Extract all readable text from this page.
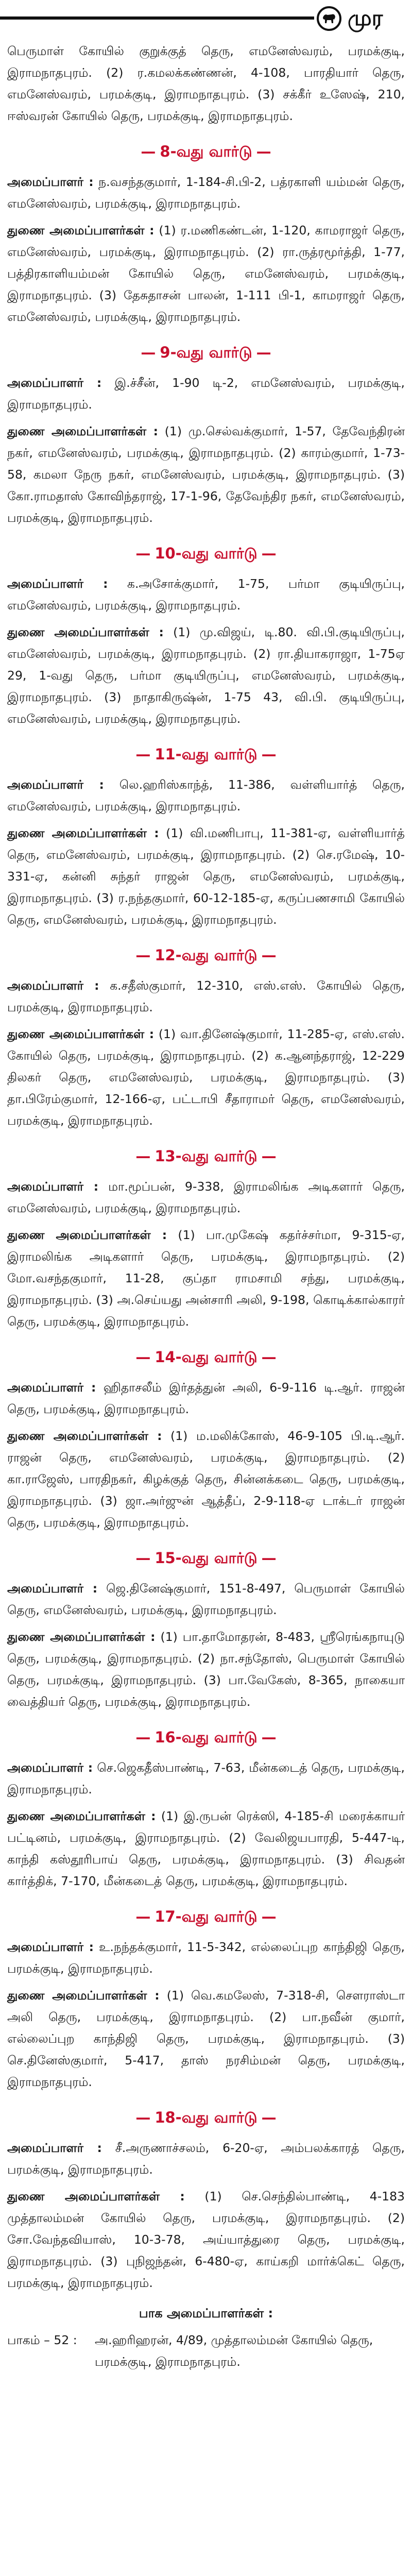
முர

பெருமாள் கோயில் குறுக்குத் தெரு, எமனேஸ்வரம், பரமக்குடி, இராமநாதபுரம். (2) ர.கமலக்கண்ணன், 4-108, பாரதியார் தெரு, எமனேஸ்வரம், பரமக்குடி, இராமநாதபுரம். (3) சக்கீர் உஸேஷ், 210, ஈஸ்வரன் கோயில் தெரு, பரமக்குடி, இராமநாதபுரம்.

— 8-வது வார்டு —

அமைப்பாளர் : ந.வசந்தகுமார், 1-184-சி.பி-2, பத்ரகாளி யம்மன் தெரு, எமனேஸ்வரம், பரமக்குடி, இராமநாதபுரம்.

துணை அமைப்பாளர்கள் : (1) ர.மணிகண்டன், 1-120, காமராஜர் தெரு, எமனேஸ்வரம், பரமக்குடி, இராமநாதபுரம். (2) ரா.ருத்ரமூர்த்தி, 1-77, பத்திரகாளியம்மன் கோயில் தெரு, எமனேஸ்வரம், பரமக்குடி, இராமநாதபுரம். (3) தேசுதாசன் பாலன், 1-111 பி-1, காமராஜர் தெரு, எமனேஸ்வரம், பரமக்குடி, இராமநாதபுரம்.

— 9-வது வார்டு —

அமைப்பாளர் : இ.ச்சீன், 1-90 டி-2, எமனேஸ்வரம், பரமக்குடி, இராமநாதபுரம்.

துணை அமைப்பாளர்கள் : (1) மு.செல்வக்குமார், 1-57, தேவேந்திரன் நகர், எமனேஸ்வரம், பரமக்குடி, இராமநாதபுரம். (2) காரம்குமார், 1-73-58, கமலா நேரு நகர், எமனேஸ்வரம், பரமக்குடி, இராமநாதபுரம். (3) கோ.ராமதாஸ் கோவிந்தராஜ், 17-1-96, தேவேந்திர நகர், எமனேஸ்வரம், பரமக்குடி, இராமநாதபுரம்.

— 10-வது வார்டு —

அமைப்பாளர் : க.அசோக்குமார், 1-75, பர்மா குடியிருப்பு, எமனேஸ்வரம், பரமக்குடி, இராமநாதபுரம்.

துணை அமைப்பாளர்கள் : (1) மு.விஜய், டி.80. வி.பி.குடியிருப்பு, எமனேஸ்வரம், பரமக்குடி, இராமநாதபுரம். (2) ரா.தியாகராஜா, 1-75ஏ 29, 1-வது தெரு, பர்மா குடியிருப்பு, எமனேஸ்வரம், பரமக்குடி, இராமநாதபுரம். (3) நாதாகிருஷ்ன், 1-75 43, வி.பி. குடியிருப்பு, எமனேஸ்வரம், பரமக்குடி, இராமநாதபுரம்.

— 11-வது வார்டு —

அமைப்பாளர் : லெ.ஹரிஸ்காந்த், 11-386, வள்ளியார்த் தெரு, எமனேஸ்வரம், பரமக்குடி, இராமநாதபுரம்.

துணை அமைப்பாளர்கள் : (1) வி.மணிபாபு, 11-381-ஏ, வள்ளியார்த் தெரு, எமனேஸ்வரம், பரமக்குடி, இராமநாதபுரம். (2) செ.ரமேஷ், 10-331-ஏ, கன்னி சுந்தர் ராஜன் தெரு, எமனேஸ்வரம், பரமக்குடி, இராமநாதபுரம். (3) ர.நந்தகுமார், 60-12-185-ஏ, கருப்பணசாமி கோயில் தெரு, எமனேஸ்வரம், பரமக்குடி, இராமநாதபுரம்.

— 12-வது வார்டு —

அமைப்பாளர் : க.சதீஸ்குமார், 12-310, எஸ்.எஸ். கோயில் தெரு, பரமக்குடி, இராமநாதபுரம்.

துணை அமைப்பாளர்கள் : (1) வா.தினேஷ்குமார், 11-285-ஏ, எஸ்.எஸ். கோயில் தெரு, பரமக்குடி, இராமநாதபுரம். (2) க.ஆனந்தராஜ், 12-229 திலகர் தெரு, எமனேஸ்வரம், பரமக்குடி, இராமநாதபுரம். (3) தா.பிரேம்குமார், 12-166-ஏ, பட்டாபி சீதாராமர் தெரு, எமனேஸ்வரம், பரமக்குடி, இராமநாதபுரம்.

— 13-வது வார்டு —

அமைப்பாளர் : மா.மூப்பன், 9-338, இராமலிங்க அடிகளார் தெரு, எமனேஸ்வரம், பரமக்குடி, இராமநாதபுரம்.

துணை அமைப்பாளர்கள் : (1) பா.முகேஷ் கதர்ச்சர்மா, 9-315-ஏ, இராமலிங்க அடிகளார் தெரு, பரமக்குடி, இராமநாதபுரம். (2) மோ.வசந்தகுமார், 11-28, குப்தா ராமசாமி சந்து, பரமக்குடி, இராமநாதபுரம். (3) அ.செய்யது அன்சாரி அலி, 9-198, கொடிக்கால்காரர் தெரு, பரமக்குடி, இராமநாதபுரம்.

— 14-வது வார்டு —

அமைப்பாளர் : ஹிதாசலீம் இர்தத்துன் அலி, 6-9-116 டி.ஆர். ராஜன் தெரு, பரமக்குடி, இராமநாதபுரம்.

துணை அமைப்பாளர்கள் : (1) ம.மலிக்கோஸ், 46-9-105 பி.டி.ஆர். ராஜன் தெரு, எமனேஸ்வரம், பரமக்குடி, இராமநாதபுரம். (2) கா.ராஜேஸ், பாரதிநகர், கிழக்குத் தெரு, சின்னக்கடை தெரு, பரமக்குடி, இராமநாதபுரம். (3) ஜா.அர்ஜுன் ஆத்தீப், 2-9-118-ஏ டாக்டர் ராஜன் தெரு, பரமக்குடி, இராமநாதபுரம்.

— 15-வது வார்டு —

அமைப்பாளர் : ஜெ.தினேஷ்குமார், 151-8-497, பெருமாள் கோயில் தெரு, எமனேஸ்வரம், பரமக்குடி, இராமநாதபுரம்.

துணை அமைப்பாளர்கள் : (1) பா.தாமோதரன், 8-483, ஸ்ரீரெங்கநாயுடு தெரு, பரமக்குடி, இராமநாதபுரம். (2) நா.சந்தோஸ், பெருமாள் கோயில் தெரு, பரமக்குடி, இராமநாதபுரம். (3) பா.வேகேஸ், 8-365, நாகையா வைத்தியர் தெரு, பரமக்குடி, இராமநாதபுரம்.

— 16-வது வார்டு —

அமைப்பாளர் : செ.ஜெகதீஸ்பாண்டி, 7-63, மீன்கடைத் தெரு, பரமக்குடி, இராமநாதபுரம்.

துணை அமைப்பாளர்கள் : (1) இ.ருபன் ரெக்ஸி, 4-185-சி மரைக்காயர் பட்டினம், பரமக்குடி, இராமநாதபுரம். (2) வேலிஜயபாரதி, 5-447-டி, காந்தி கஸ்தூரிபாய் தெரு, பரமக்குடி, இராமநாதபுரம். (3) சிவதன் கார்த்திக், 7-170, மீன்கடைத் தெரு, பரமக்குடி, இராமநாதபுரம்.

— 17-வது வார்டு —

அமைப்பாளர் : உ.நந்தக்குமார், 11-5-342, எல்லைப்புற காந்திஜி தெரு, பரமக்குடி, இராமநாதபுரம்.

துணை அமைப்பாளர்கள் : (1) வெ.கமலேஸ், 7-318-சி, சௌராஸ்டா அலி தெரு, பரமக்குடி, இராமநாதபுரம். (2) பா.நவீன் குமார், எல்லைப்புற காந்திஜி தெரு, பரமக்குடி, இராமநாதபுரம். (3) செ.தினேஸ்குமார், 5-417, தாஸ் நரசிம்மன் தெரு, பரமக்குடி, இராமநாதபுரம்.

— 18-வது வார்டு —

அமைப்பாளர் : சீ.அருணாச்சலம், 6-20-ஏ, அம்பலக்காரத் தெரு, பரமக்குடி, இராமநாதபுரம்.

துணை அமைப்பாளர்கள் : (1) செ.செந்தில்பாண்டி, 4-183 முத்தாலம்மன் கோயில் தெரு, பரமக்குடி, இராமநாதபுரம். (2) சோ.வேந்தவியாஸ், 10-3-78, அய்யாத்துரை தெரு, பரமக்குடி, இராமநாதபுரம். (3) புநிஜந்தன், 6-480-ஏ, காய்கறி மார்க்கெட் தெரு, பரமக்குடி, இராமநாதபுரம்.

பாக அமைப்பாளர்கள் :
பாகம் – 52 :	அ.ஹரிஹரன், 4/89, முத்தாலம்மன் கோயில் தெரு, பரமக்குடி, இராமநாதபுரம்.
